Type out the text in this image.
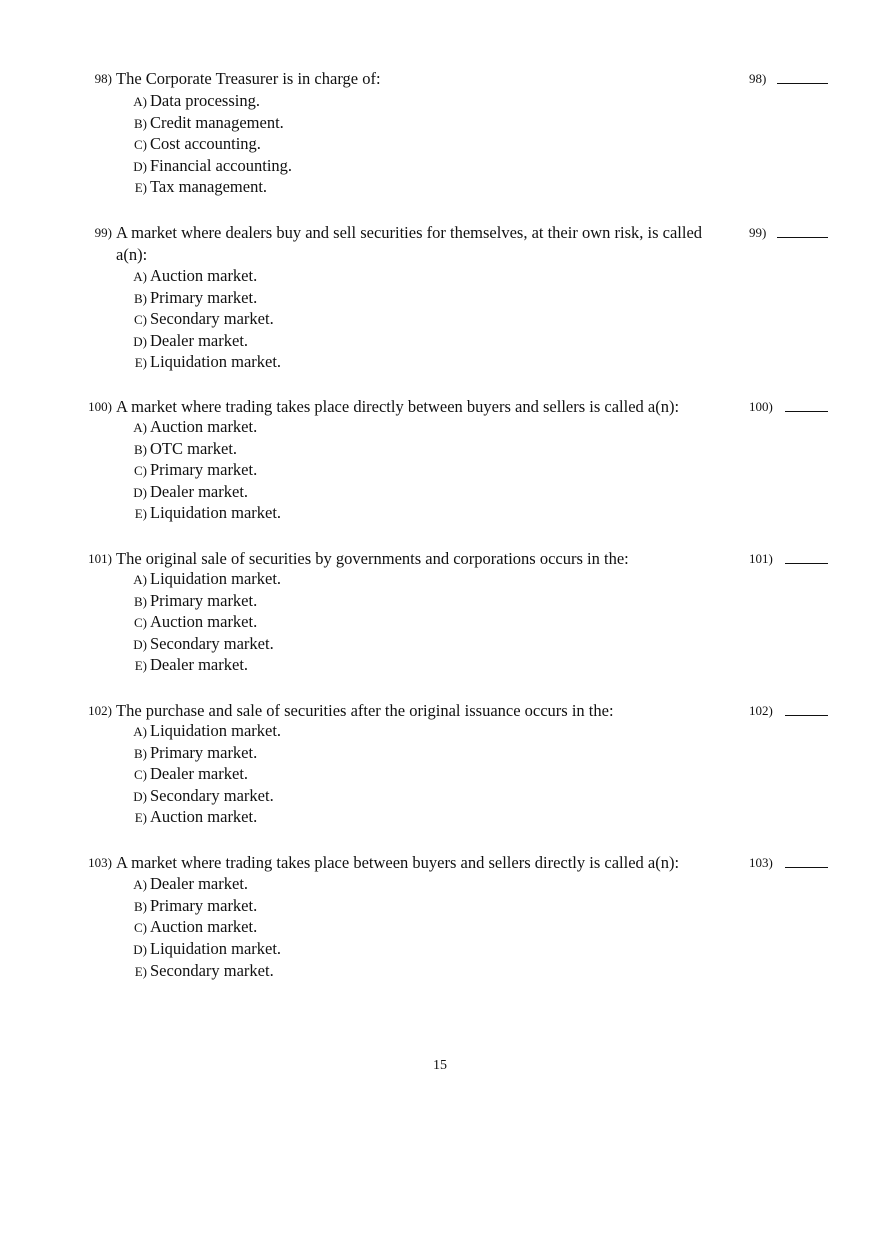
98) The Corporate Treasurer is in charge of:	98)
A) Data processing.
B) Credit management.
C) Cost accounting.
D) Financial accounting.
E) Tax management.
99) A market where dealers buy and sell securities for themselves, at their own risk, is called a(n):
99)
A) Auction market.
B) Primary market.
C) Secondary market.
D) Dealer market.
E) Liquidation market.
100) A market where trading takes place directly between buyers and sellers is called a(n):	100)
A) Auction market.
B) OTC market.
C) Primary market.
D) Dealer market.
E) Liquidation market.
101) The original sale of securities by governments and corporations occurs in the:	101)
A) Liquidation market.
B) Primary market.
C) Auction market.
D) Secondary market.
E) Dealer market.
102) The purchase and sale of securities after the original issuance occurs in the:	102)
A) Liquidation market.
B) Primary market.
C) Dealer market.
D) Secondary market.
E) Auction market.
103) A market where trading takes place between buyers and sellers directly is called a(n):	103)
A) Dealer market.
B) Primary market.
C) Auction market.
D) Liquidation market.
E) Secondary market.
15
